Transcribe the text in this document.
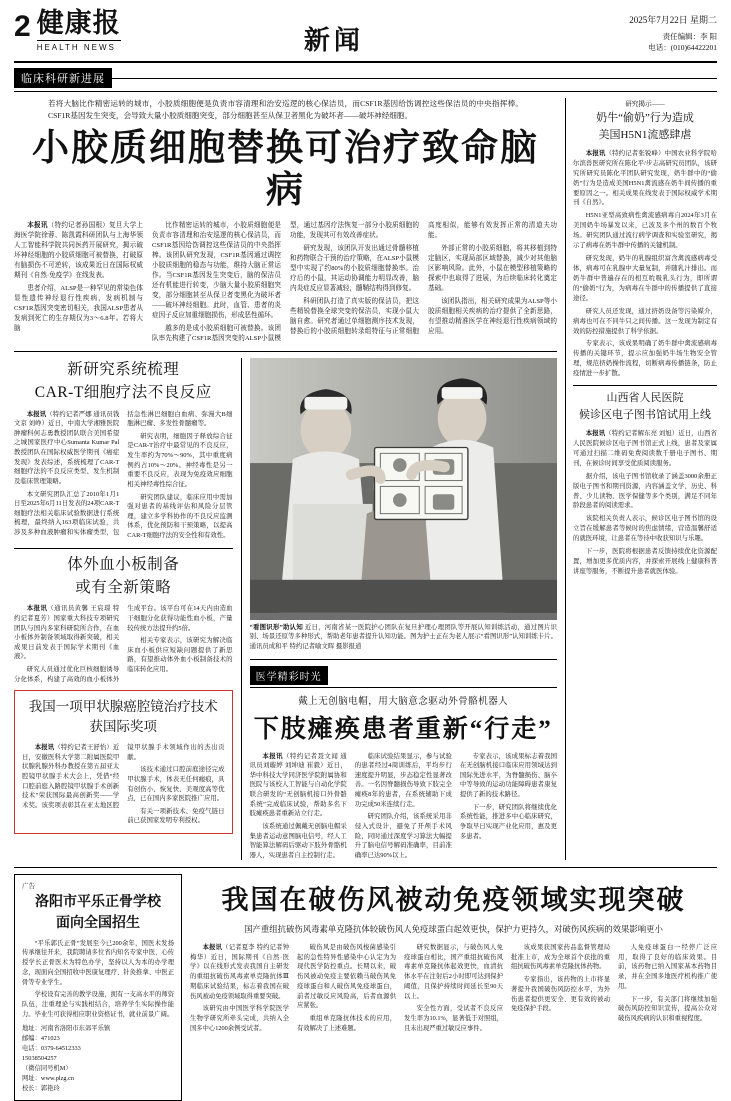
2 健康报
HEALTH NEWS	新闻
2025年7月22日 星期二
责任编辑：李 阳
电话：(010)64422201
临床科研新进展
若将大脑比作精密运转的城市，小胶质细胞便是负责市容清理和治安巡逻的核心保洁员，而CSF1R基因给饬调控这些保洁员的中央指挥棒。CSF1R基因发生突变，会导致大量小胶质细胞突变，部分细胞甚至从保卫者黑化为破坏者——破坏神经细胞。
小胶质细胞替换可治疗致命脑病

本报讯（特约记者孙国根）复旦大学上海医学院徐蓉、陈凯霞科研团队与上海华领人工智能科学院共同医药开展研究，揭示破坏神经细胞的小胶质细胞可被替换，打破原有脑损伤不可逆转，该成果近日在国际权威期刊《自然·免疫学》在线发表。

患者介绍，ALSP是一种罕见的常染色体显性遗传神经退行性疾病，发病机制与CSF1R基因突变密切相关，我国ALSP患者从发病到死亡的生存期仅为3～6.8年。若将大脑

比作精密运转的城市，小胶质细胞便是负责市容清理和治安巡逻的核心保洁员，而CSF1R基因给饬调控这些保洁员的中央指挥棒。该团队研究发现，CSF1R基因通过调控小胶质细胞的稳态与功能，维持大脑正常运作。当CSF1R基因发生突变后，脑的保洁员还有机能进行转变，少脑大量小胶质细胞突变，部分细胞甚至从保卫者变黑化为破坏者——破坏神经细胞。此时，血管、患者的炎症因子反应加重细胞损伤，形成恶性循环。

越多的是成小胶质细胞可被替换。该团队率先构建了CSF1R基因突变的ALSP小鼠模型，通过基因疗法恢复一部分小胶质细胞的功能，发现其可有效改善症状。

研究发现，该团队开发出通过骨髓移植和药物联合干预的治疗策略，在ALSP小鼠模型中实现了约80%的小胶质细胞替换率。治疗后的小鼠，其运动协调能力明显改善，脑内炎症反应显著减轻，髓鞘结构得到修复。

科研团队打造了真实版的保洁员，把这些精锐替换全球突变的保洁员，实现小鼠大脑自愈。研究者通过单细胞测序技术发现，替换后的小胶质细胞转录组特征与正常细胞高度相似，能够有效发挥正常的清道夫功能。

外部正常的小胶质细胞，将其移植到特定脑区，实现局部区域替换，减少对其他脑区影响风险。此外，小鼠在模型移植策略的探索中也取得了进展，为后续临床转化奠定基础。

该团队指出，相关研究成果为ALSP等小胶质细胞相关疾病的治疗提供了全新思路，有望推动精准医学在神经退行性疾病领域的应用。

新研究系统梳理
CAR-T细胞疗法不良反应

本报讯（特约记者严娜 通讯员钱文京 刘峥）近日，中南大学湘雅医院肿瘤科何志勇教授团队联合美国希望之城国家医疗中心Sumanta Kumar Pal教授团队在国际权威医学期刊《癌症发现》发表综述，系统梳理了CAR-T细胞疗法的不良反应类型、发生机制及临床管理策略。

本文研究团队汇总了2010年1月1日至2025年6月11日发表的24项CAR-T细胞疗法相关临床试验数据进行系统梳理，最终纳入163项临床试验，共涉及多种血液肿瘤和实体瘤类型，包括急性淋巴细胞白血病、弥漫大B细胞淋巴瘤、多发性骨髓瘤等。

研究表明，细胞因子释放综合征是CAR-T治疗中最常见的不良反应，发生率约为70%～90%，其中重度病例约占10%～20%。神经毒性是另一重要不良反应，表现为免疫效应细胞相关神经毒性综合征。

研究团队建议，临床应用中需加强对患者的基线评估和风险分层管理，建立多学科协作的不良反应监测体系，优化预防和干预策略，以提高CAR-T细胞疗法的安全性和有效性。

体外血小板制备
或有全新策略

本报讯（通讯员黄馨 王宸璟 特约记者夏芳）国家重大科技专项研究团队与国内多家科研院所合作，在血小板体外制备领域取得新突破，相关成果日前发表于国际学术期刊《血液》。

研究人员通过优化巨核细胞诱导分化体系，构建了高效的血小板体外生成平台。该平台可在14天内由造血干细胞分化获得功能性血小板，产量较传统方法提升约5倍。

相关专家表示，该研究为解决临床血小板供应短缺问题提供了新思路，有望推动体外血小板制备技术的临床转化应用。

我国一项甲状腺癌腔镜治疗技术
获国际奖项

本报讯（特约记者王舒怡）近日，安徽医科大学第二附属医院甲状腺乳腺外科办教授在第五届亚太腔镜甲状腺手术大会上，凭借“经口腔前庭入路腔镜甲状腺手术创新技术”荣获国际最高创新奖——学术奖。该奖项表彰其在亚太地区腔镜甲状腺手术领域作出的杰出贡献。

该技术通过口腔前庭途径完成甲状腺手术，体表无任何瘢痕，具有创伤小、恢复快、美观度高等优点，已在国内多家医院推广应用。

有关一项新技术、免疫气链日前已获国家发明专利授权。

“看图识形”助认知 近日，河南省某一医院护心团队在复旦护理心理团队等开展认知训练活动，通过图片识别、场景还原等多种形式，帮助老年患者提升认知功能。图为护士正在为老人展示“看图识形”认知训练卡片。 通讯员成和平 特约记者喻文晖 摄影报道
医学精彩时光
戴上无创脑电帽，用大脑意念驱动外骨骼机器人
下肢瘫痪患者重新“行走”

本报讯（特约记者聂文闻 通讯员刘璇婷 刘坤迪 崔毅）近日，华中科技大学同济医学院附属协和医院与该校人工智能与自动化学院联合研发的“无创脑机接口外骨骼系统”完成临床试验，帮助多名下肢瘫痪患者重新站立行走。

该系统通过佩戴无创脑电帽采集患者运动意图脑电信号，经人工智能算法解码后驱动下肢外骨骼机器人，实现患者自主控制行走。

临床试验结果显示，参与试验的患者经过4周训练后，平均步行速度提升明显，步态稳定性显著改善。一名因脊髓损伤导致下肢完全瘫痪8年的患者，在系统辅助下成功完成50米连续行走。

研究团队介绍，该系统采用非侵入式设计，避免了开颅手术风险，同时通过深度学习算法大幅提升了脑电信号解码准确率，目前准确率已达90%以上。

专家表示，该成果标志着我国在无创脑机接口临床应用领域达到国际先进水平，为脊髓损伤、脑卒中等导致的运动功能障碍患者康复提供了新的技术路径。

下一步，研究团队将继续优化系统性能，推进多中心临床研究，争取早日实现产业化应用，惠及更多患者。

研究揭示——
奶牛“偷奶”行为造成
美国H5N1流感肆虐

本报讯（特约记者张锐峰）中国农业科学院哈尔滨兽医研究所在陈化平/步志高研究员团队，该研究所研究员陈化平团队研究发现，奶牛群中的“偷奶”行为是造成美国H5N1禽流感在奶牛间传播的重要原因之一。相关成果在线发表于国际权威学术期刊《自然》。

H5N1亚型高致病性禽流感病毒自2024年3月在美国奶牛场暴发以来，已波及多个州的数百个牧场。研究团队通过流行病学调查和实验室研究，揭示了病毒在奶牛群中传播的关键机制。

研究发现，奶牛的乳腺组织富含禽流感病毒受体，病毒可在乳腺中大量复制，并随乳汁排出。而奶牛群中普遍存在的相互吮吸乳头行为，即所谓的“偷奶”行为，为病毒在牛群中的传播提供了直接途径。

研究人员还发现，通过挤奶设备等污染媒介，病毒也可在不同牛只之间传播。这一发现为制定有效的防控措施提供了科学依据。

专家表示，该成果明确了奶牛群中禽流感病毒传播的关键环节，提示应加强奶牛场生物安全管理，规范挤奶操作流程，切断病毒传播链条，防止疫情进一步扩散。

山西省人民医院
候诊区电子图书馆试用上线

本报讯（特约记者解东亮 刘旭）近日，山西省人民医院候诊区电子图书馆正式上线，患者及家属可通过扫描二维码免费阅读数千册电子图书、期刊，在候诊时间享受优质阅读服务。

据介绍，该电子图书馆收录了涵盖3000余册正版电子图书和期刊资源，内容涵盖文学、历史、科普、少儿读物、医学保健等多个类别，满足不同年龄段患者的阅读需求。

该院相关负责人表示，候诊区电子图书馆的设立旨在缓解患者等候时的焦虑情绪，营造温馨舒适的就医环境，让患者在等待中收获知识与乐趣。

下一步，医院将根据患者反馈持续优化资源配置，增加更多优质内容，并探索开展线上健康科普讲座等服务，不断提升患者就医体验。

广告
洛阳市平乐正骨学校
面向全国招生

“平乐郭氏正骨”发展至今已200余年，国医术发扬传承继往开来，我院聘请多位省内知名专家中医、心传授学长正骨医术为特色办学，坚持以人为本的办学理念，现面向全国招收中医康复理疗、针灸推拿、中医正骨等专业学生。

学校设有完善的教学设施，拥有一支高水平的师资队伍，注重理论与实践相结合，培养学生实际操作能力。毕业生可获得相应职业资格证书，就业前景广阔。

地址：河南省洛阳市东郊平乐镇
邮编：471023
电话：0379-64512333
15038504257
（微信同号机M）
网址：www.plzg.cn
校长：郭艳玲
我国在破伤风被动免疫领域实现突破
国产重组抗破伤风毒素单克隆抗体较破伤风人免疫球蛋白起效更快，保护力更持久，对破伤风疾病的效果影响更小

本报讯（记者夏李 特约记者钟梅华）近日，国际期刊《自然·医学》以在线形式发表我国自主研发的重组抗破伤风毒素单克隆抗体Ⅲ期临床试验结果，标志着我国在破伤风被动免疫领域取得重要突破。

该研究由中国医学科学院医学生物学研究所牵头完成，共纳入全国多中心1200余例受试者。

破伤风是由破伤风梭菌感染引起的急性特异性感染中心认定为为现代医学防控重点。长期以来，破伤风被动免疫主要依赖马破伤风免疫球蛋白和人破伤风免疫球蛋白，前者过敏反应风险高，后者血源供应紧张。

重组单克隆抗体技术的应用，有效解决了上述难题。

研究数据显示，与破伤风人免疫球蛋白相比，国产重组抗破伤风毒素单克隆抗体起效更快，血清抗体水平在注射后2小时即可达到保护阈值，且保护持续时间延长至90天以上。

安全性方面，受试者不良反应发生率为10.1%，显著低于对照组，且未出现严重过敏反应事件。

该成果获国家药品监督管理局批准上市，成为全球首个获批的重组抗破伤风毒素单克隆抗体药物。

专家指出，该药物的上市将显著提升我国破伤风防控水平，为外伤患者提供更安全、更有效的被动免疫保护手段。

人免疫球蛋白一经停广泛应用，取得了良好的临床效果。目前，该药物已纳入国家基本药物目录，并在全国多地医疗机构推广使用。

下一步，有关部门将继续加强破伤风防控知识宣传，提高公众对破伤风疾病的认识和重视程度。
